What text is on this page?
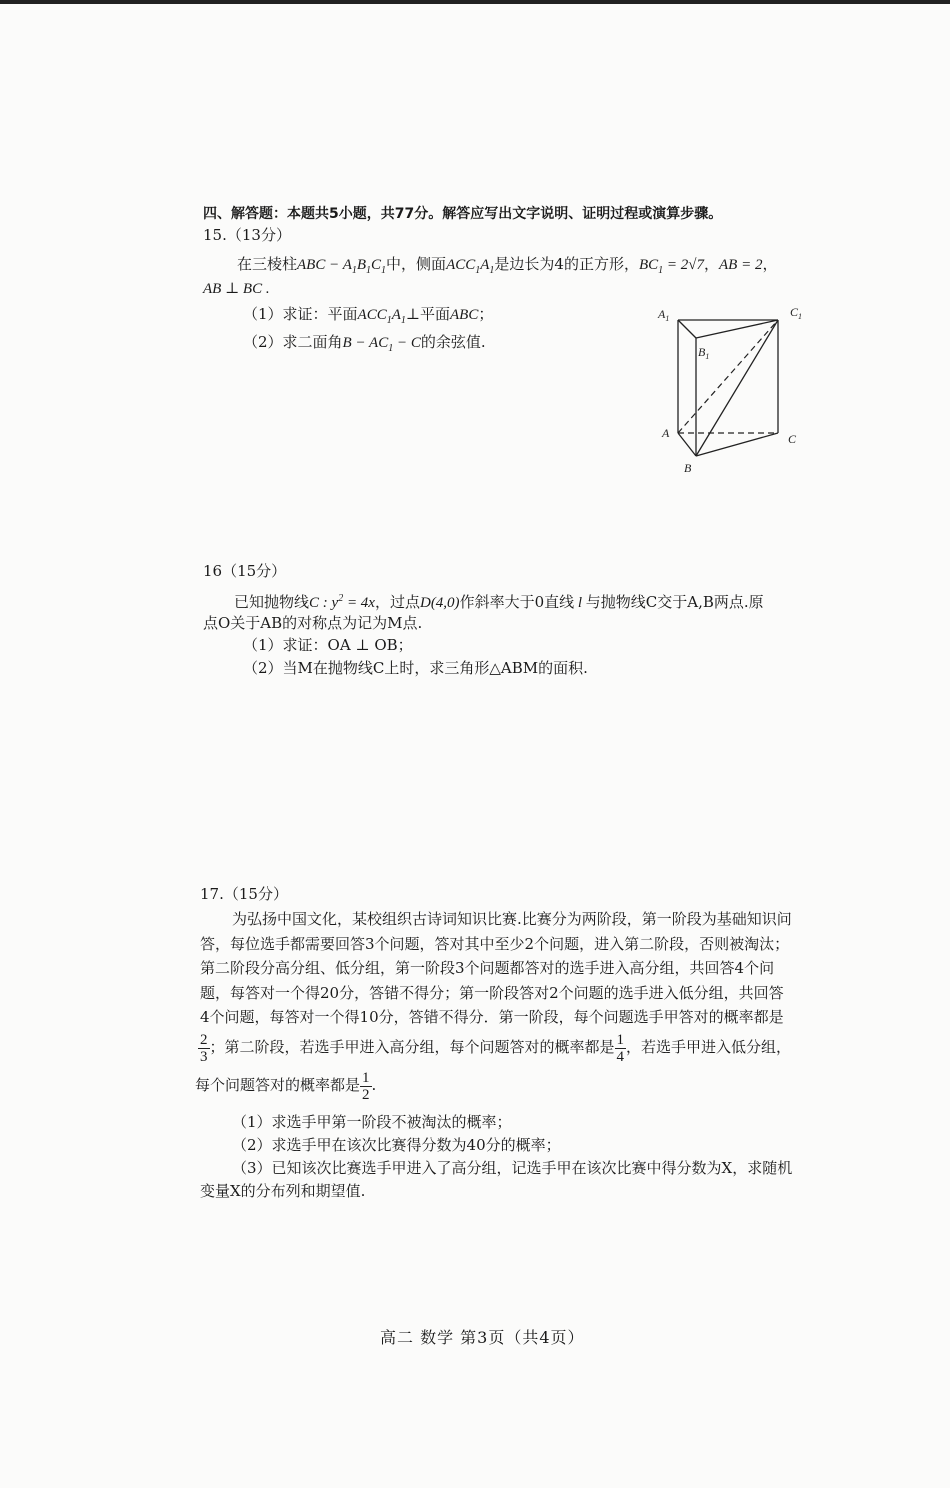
四、解答题：本题共5小题，共77分。解答应写出文字说明、证明过程或演算步骤。
15.（13分）
在三棱柱ABC − $A_1B_1C_1$中，侧面$ACC_1A_1$是边长为4的正方形，$BC_1 = 2√7$，AB = 2，
AB ⊥ BC .
（1）求证：平面$ACC_1A_1\perp$平面ABC；
（2）求二面角$B - AC_1 - C$的余弦值.
$A_1$	$C_1$
$B_1$
A
B
C
16（15分）
已知抛物线C : $y^2 = 4x$，过点D(4,0)作斜率大于0直线 l 与抛物线C交于A,B两点.原
点O关于AB的对称点为记为M点.
（1）求证：OA ⊥ OB；
（2）当M在抛物线C上时，求三角形△ABM的面积.
17.（15分）
为弘扬中国文化，某校组织古诗词知识比赛.比赛分为两阶段，第一阶段为基础知识问
答，每位选手都需要回答3个问题，答对其中至少2个问题，进入第二阶段，否则被淘汰；
第二阶段分高分组、低分组，第一阶段3个问题都答对的选手进入高分组，共回答4个问
题，每答对一个得20分，答错不得分；第一阶段答对2个问题的选手进入低分组，共回答
4个问题，每答对一个得10分，答错不得分．第一阶段，每个问题选手甲答对的概率都是
$\frac{2}{3}$ ；第二阶段，若选手甲进入高分组，每个问题答对的概率都是 $\frac{1}{4}$ ，若选手甲进入低分组，
每个问题答对的概率都是 $\frac{1}{2}$ .
（1）求选手甲第一阶段不被淘汰的概率；
（2）求选手甲在该次比赛得分数为40分的概率；
（3）已知该次比赛选手甲进入了高分组，记选手甲在该次比赛中得分数为X，求随机
变量X的分布列和期望值.
高二 数学 第3页（共4页）
